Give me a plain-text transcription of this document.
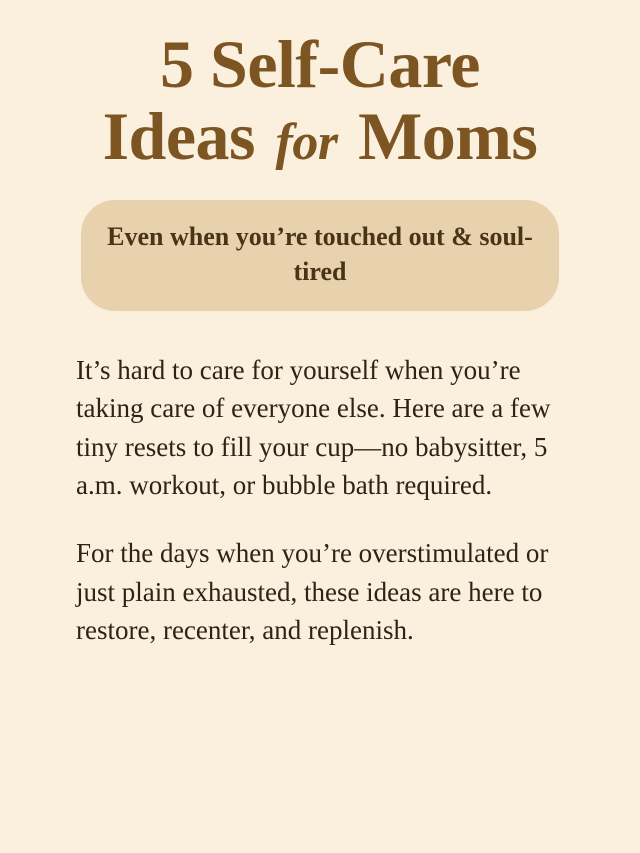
5 Self-Care
Ideas for Moms
Even when you’re touched out & soul-tired

It’s hard to care for yourself when you’re taking care of everyone else. Here are a few tiny resets to fill your cup—no babysitter, 5 a.m. workout, or bubble bath required.

For the days when you’re overstimulated or just plain exhausted, these ideas are here to restore, recenter, and replenish.
